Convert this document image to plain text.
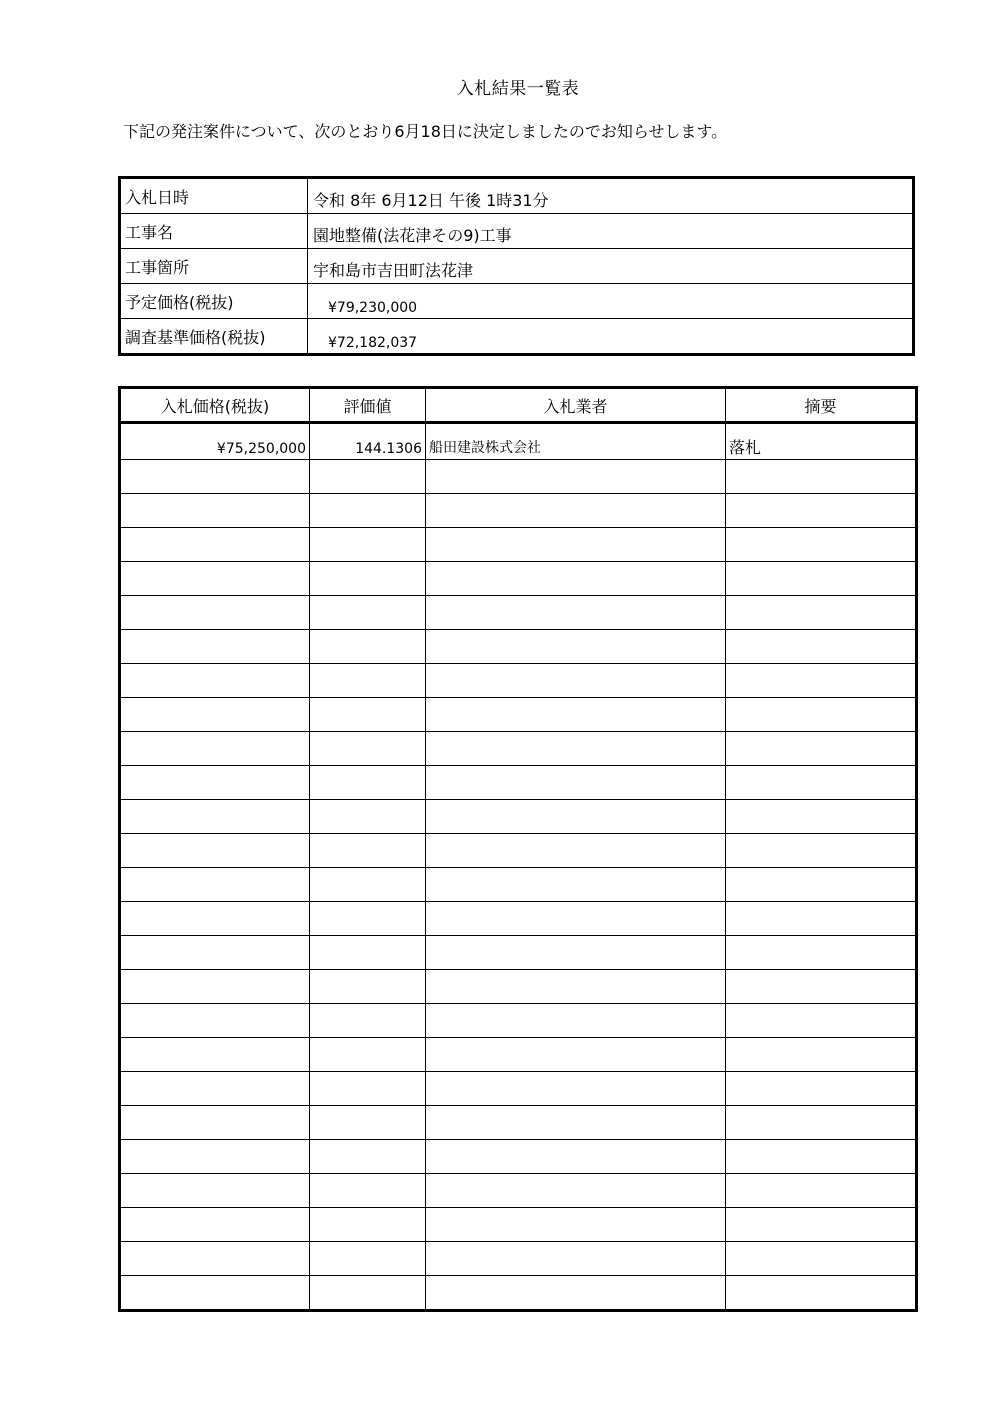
入札結果一覧表
下記の発注案件について、次のとおり6月18日に決定しましたのでお知らせします。
入札日時	令和 8年 6月12日 午後 1時31分
工事名	園地整備(法花津その9)工事
工事箇所	宇和島市吉田町法花津
予定価格(税抜)	¥79,230,000
調査基準価格(税抜)	¥72,182,037
入札価格(税抜)	評価値	入札業者	摘要
¥75,250,000	144.1306	船田建設株式会社	落札
